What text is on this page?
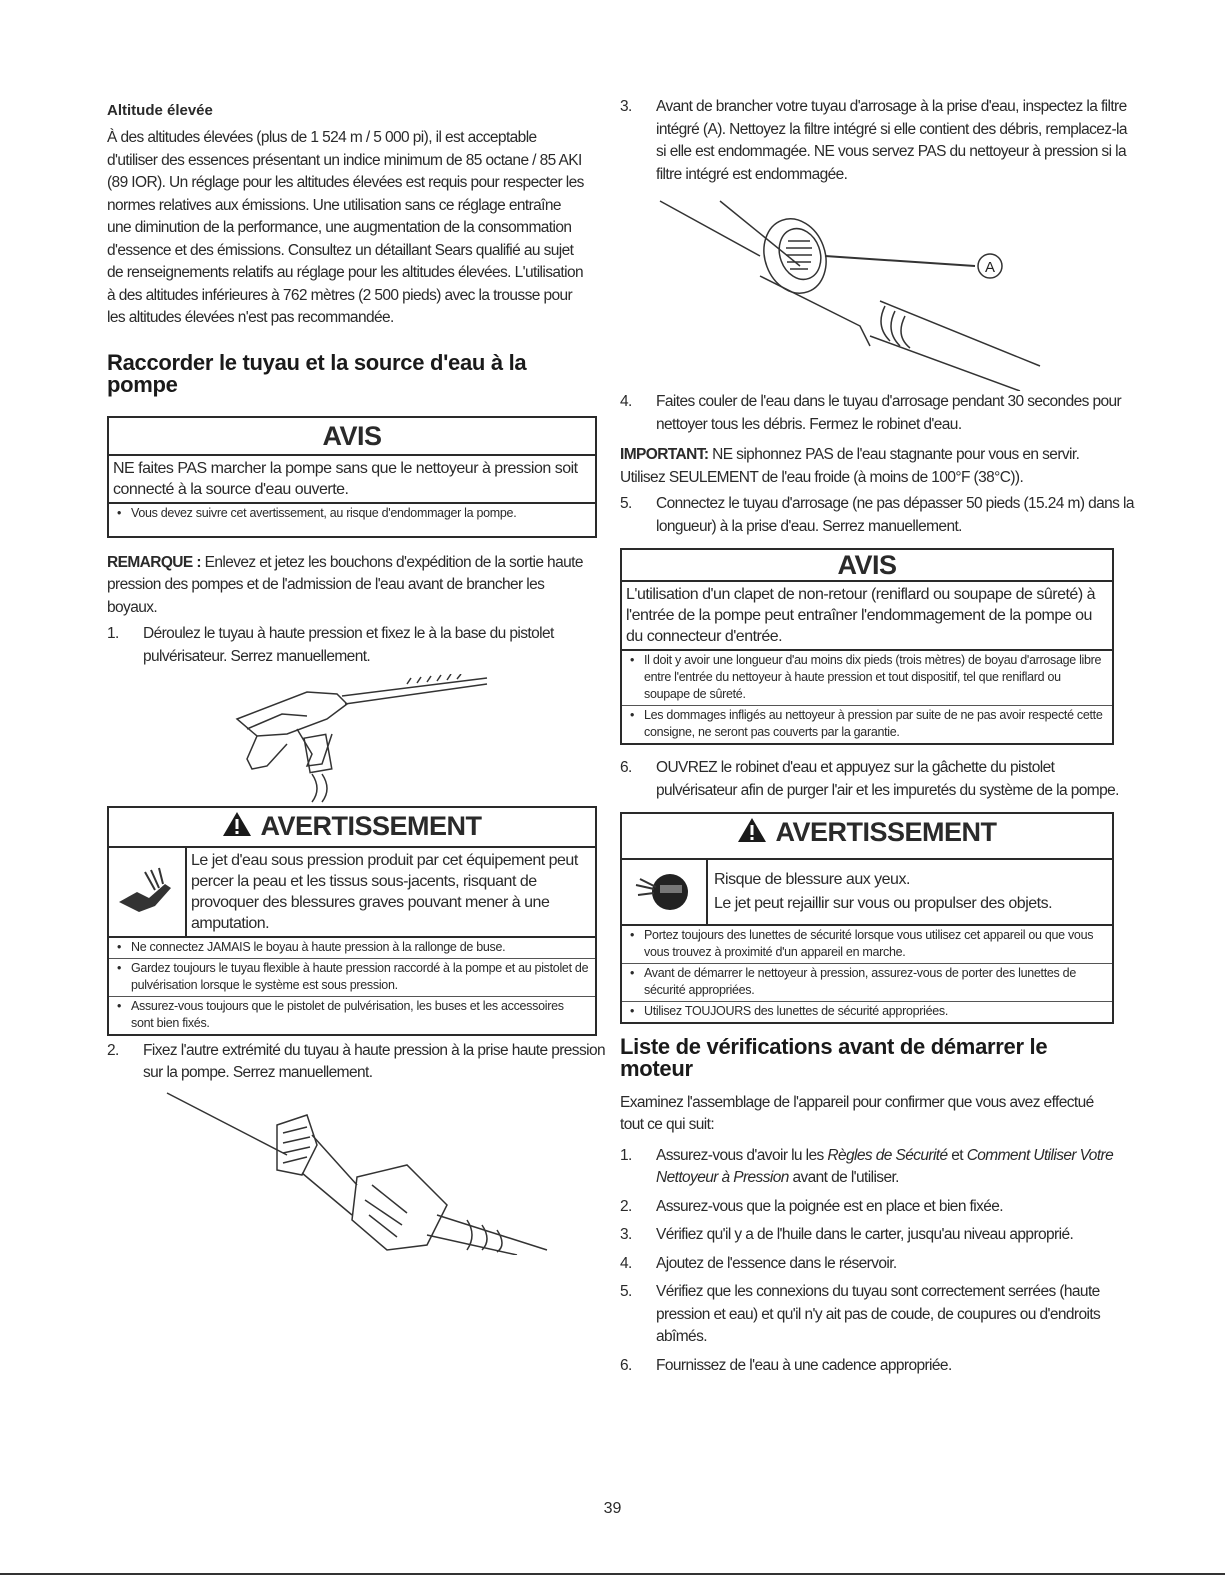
Altitude élevée

À des altitudes élevées (plus de 1 524 m / 5 000 pi), il est acceptable d'utiliser des essences présentant un indice minimum de 85 octane / 85 AKI (89 IOR). Un réglage pour les altitudes élevées est requis pour respecter les normes relatives aux émissions. Une utilisation sans ce réglage entraîne une diminution de la performance, une augmentation de la consommation d'essence et des émissions. Consultez un détaillant Sears qualifié au sujet de renseignements relatifs au réglage pour les altitudes élevées. L'utilisation à des altitudes inférieures à 762 mètres (2 500 pieds) avec la trousse pour les altitudes élevées n'est pas recommandée.

Raccorder le tuyau et la source d'eau à la pompe

AVIS
NE faites PAS marcher la pompe sans que le nettoyeur à pression soit connecté à la source d'eau ouverte.
• Vous devez suivre cet avertissement, au risque d'endommager la pompe.

REMARQUE : Enlevez et jetez les bouchons d'expédition de la sortie haute pression des pompes et de l'admission de l'eau avant de brancher les boyaux.

1. Déroulez le tuyau à haute pression et fixez le à la base du pistolet pulvérisateur. Serrez manuellement.
AVERTISSEMENT
Le jet d'eau sous pression produit par cet équipement peut percer la peau et les tissus sous-jacents, risquant de provoquer des blessures graves pouvant mener à une amputation.
• Ne connectez JAMAIS le boyau à haute pression à la rallonge de buse.
• Gardez toujours le tuyau flexible à haute pression raccordé à la pompe et au pistolet de pulvérisation lorsque le système est sous pression.
• Assurez-vous toujours que le pistolet de pulvérisation, les buses et les accessoires sont bien fixés.
2. Fixez l'autre extrémité du tuyau à haute pression à la prise haute pression sur la pompe. Serrez manuellement.
3. Avant de brancher votre tuyau d'arrosage à la prise d'eau, inspectez la filtre intégré (A). Nettoyez la filtre intégré si elle contient des débris, remplacez-la si elle est endommagée. NE vous servez PAS du nettoyeur à pression si la filtre intégré est endommagée.
A
4. Faites couler de l'eau dans le tuyau d'arrosage pendant 30 secondes pour nettoyer tous les débris. Fermez le robinet d'eau.

IMPORTANT: NE siphonnez PAS de l'eau stagnante pour vous en servir. Utilisez SEULEMENT de l'eau froide (à moins de 100°F (38°C)).

5. Connectez le tuyau d'arrosage (ne pas dépasser 50 pieds (15.24 m) dans la longueur) à la prise d'eau. Serrez manuellement.
AVIS
L'utilisation d'un clapet de non-retour (reniflard ou soupape de sûreté) à l'entrée de la pompe peut entraîner l'endommagement de la pompe ou du connecteur d'entrée.
• Il doit y avoir une longueur d'au moins dix pieds (trois mètres) de boyau d'arrosage libre entre l'entrée du nettoyeur à haute pression et tout dispositif, tel que reniflard ou soupape de sûreté.
• Les dommages infligés au nettoyeur à pression par suite de ne pas avoir respecté cette consigne, ne seront pas couverts par la garantie.
6. OUVREZ le robinet d'eau et appuyez sur la gâchette du pistolet pulvérisateur afin de purger l'air et les impuretés du système de la pompe.
AVERTISSEMENT
Risque de blessure aux yeux.
Le jet peut rejaillir sur vous ou propulser des objets.
• Portez toujours des lunettes de sécurité lorsque vous utilisez cet appareil ou que vous vous trouvez à proximité d'un appareil en marche.
• Avant de démarrer le nettoyeur à pression, assurez-vous de porter des lunettes de sécurité appropriées.
• Utilisez TOUJOURS des lunettes de sécurité appropriées.

Liste de vérifications avant de démarrer le moteur

Examinez l'assemblage de l'appareil pour confirmer que vous avez effectué tout ce qui suit:

1. Assurez-vous d'avoir lu les Règles de Sécurité et Comment Utiliser Votre Nettoyeur à Pression avant de l'utiliser.
2. Assurez-vous que la poignée est en place et bien fixée.
3. Vérifiez qu'il y a de l'huile dans le carter, jusqu'au niveau approprié.
4. Ajoutez de l'essence dans le réservoir.
5. Vérifiez que les connexions du tuyau sont correctement serrées (haute pression et eau) et qu'il n'y ait pas de coude, de coupures ou d'endroits abîmés.
6. Fournissez de l'eau à une cadence appropriée.
39
